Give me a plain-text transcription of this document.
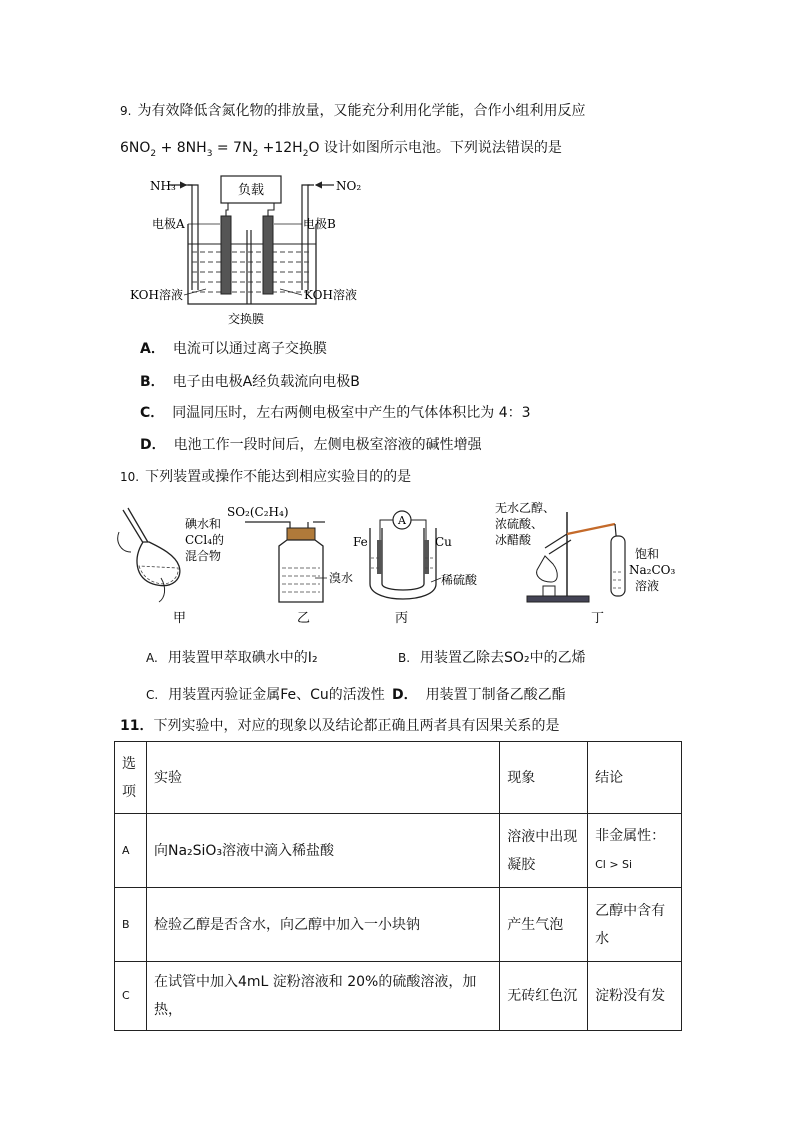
9. 为有效降低含氮化物的排放量，又能充分利用化学能，合作小组利用反应
$6NO_2 + 8NH_3 = 7N_2 +12H_2O$ 设计如图所示电池。下列说法错误的是
负载
NH₃	NO₂
电极A	电极B
KOH溶液	KOH溶液
交换膜
A． 电流可以通过离子交换膜
B． 电子由电极A经负载流向电极B
C． 同温同压时，左右两侧电极室中产生的气体体积比为 4：3
D． 电池工作一段时间后，左侧电极室溶液的碱性增强
10. 下列装置或操作不能达到相应实验目的的是
碘水和
CCl₄的
混合物
甲
SO₂(C₂H₄)
溴水
乙
A
Fe	Cu
稀硫酸
丙
无水乙醇、
浓硫酸、
冰醋酸
饱和
Na₂CO₃
溶液
丁
A. 用装置甲萃取碘水中的I₂	B. 用装置乙除去SO₂中的乙烯
C. 用装置丙验证金属Fe、Cu的活泼性 D． 用装置丁制备乙酸乙酯
11．下列实验中，对应的现象以及结论都正确且两者具有因果关系的是
选
项	实验	现象	结论
A	向Na₂SiO₃溶液中滴入稀盐酸	溶液中出现
凝胶	非金属性：
Cl > Si
B	检验乙醇是否含水，向乙醇中加入一小块钠	产生气泡	乙醇中含有
水
C	在试管中加入4mL 淀粉溶液和 20%的硫酸溶液，加热，	无砖红色沉	淀粉没有发
